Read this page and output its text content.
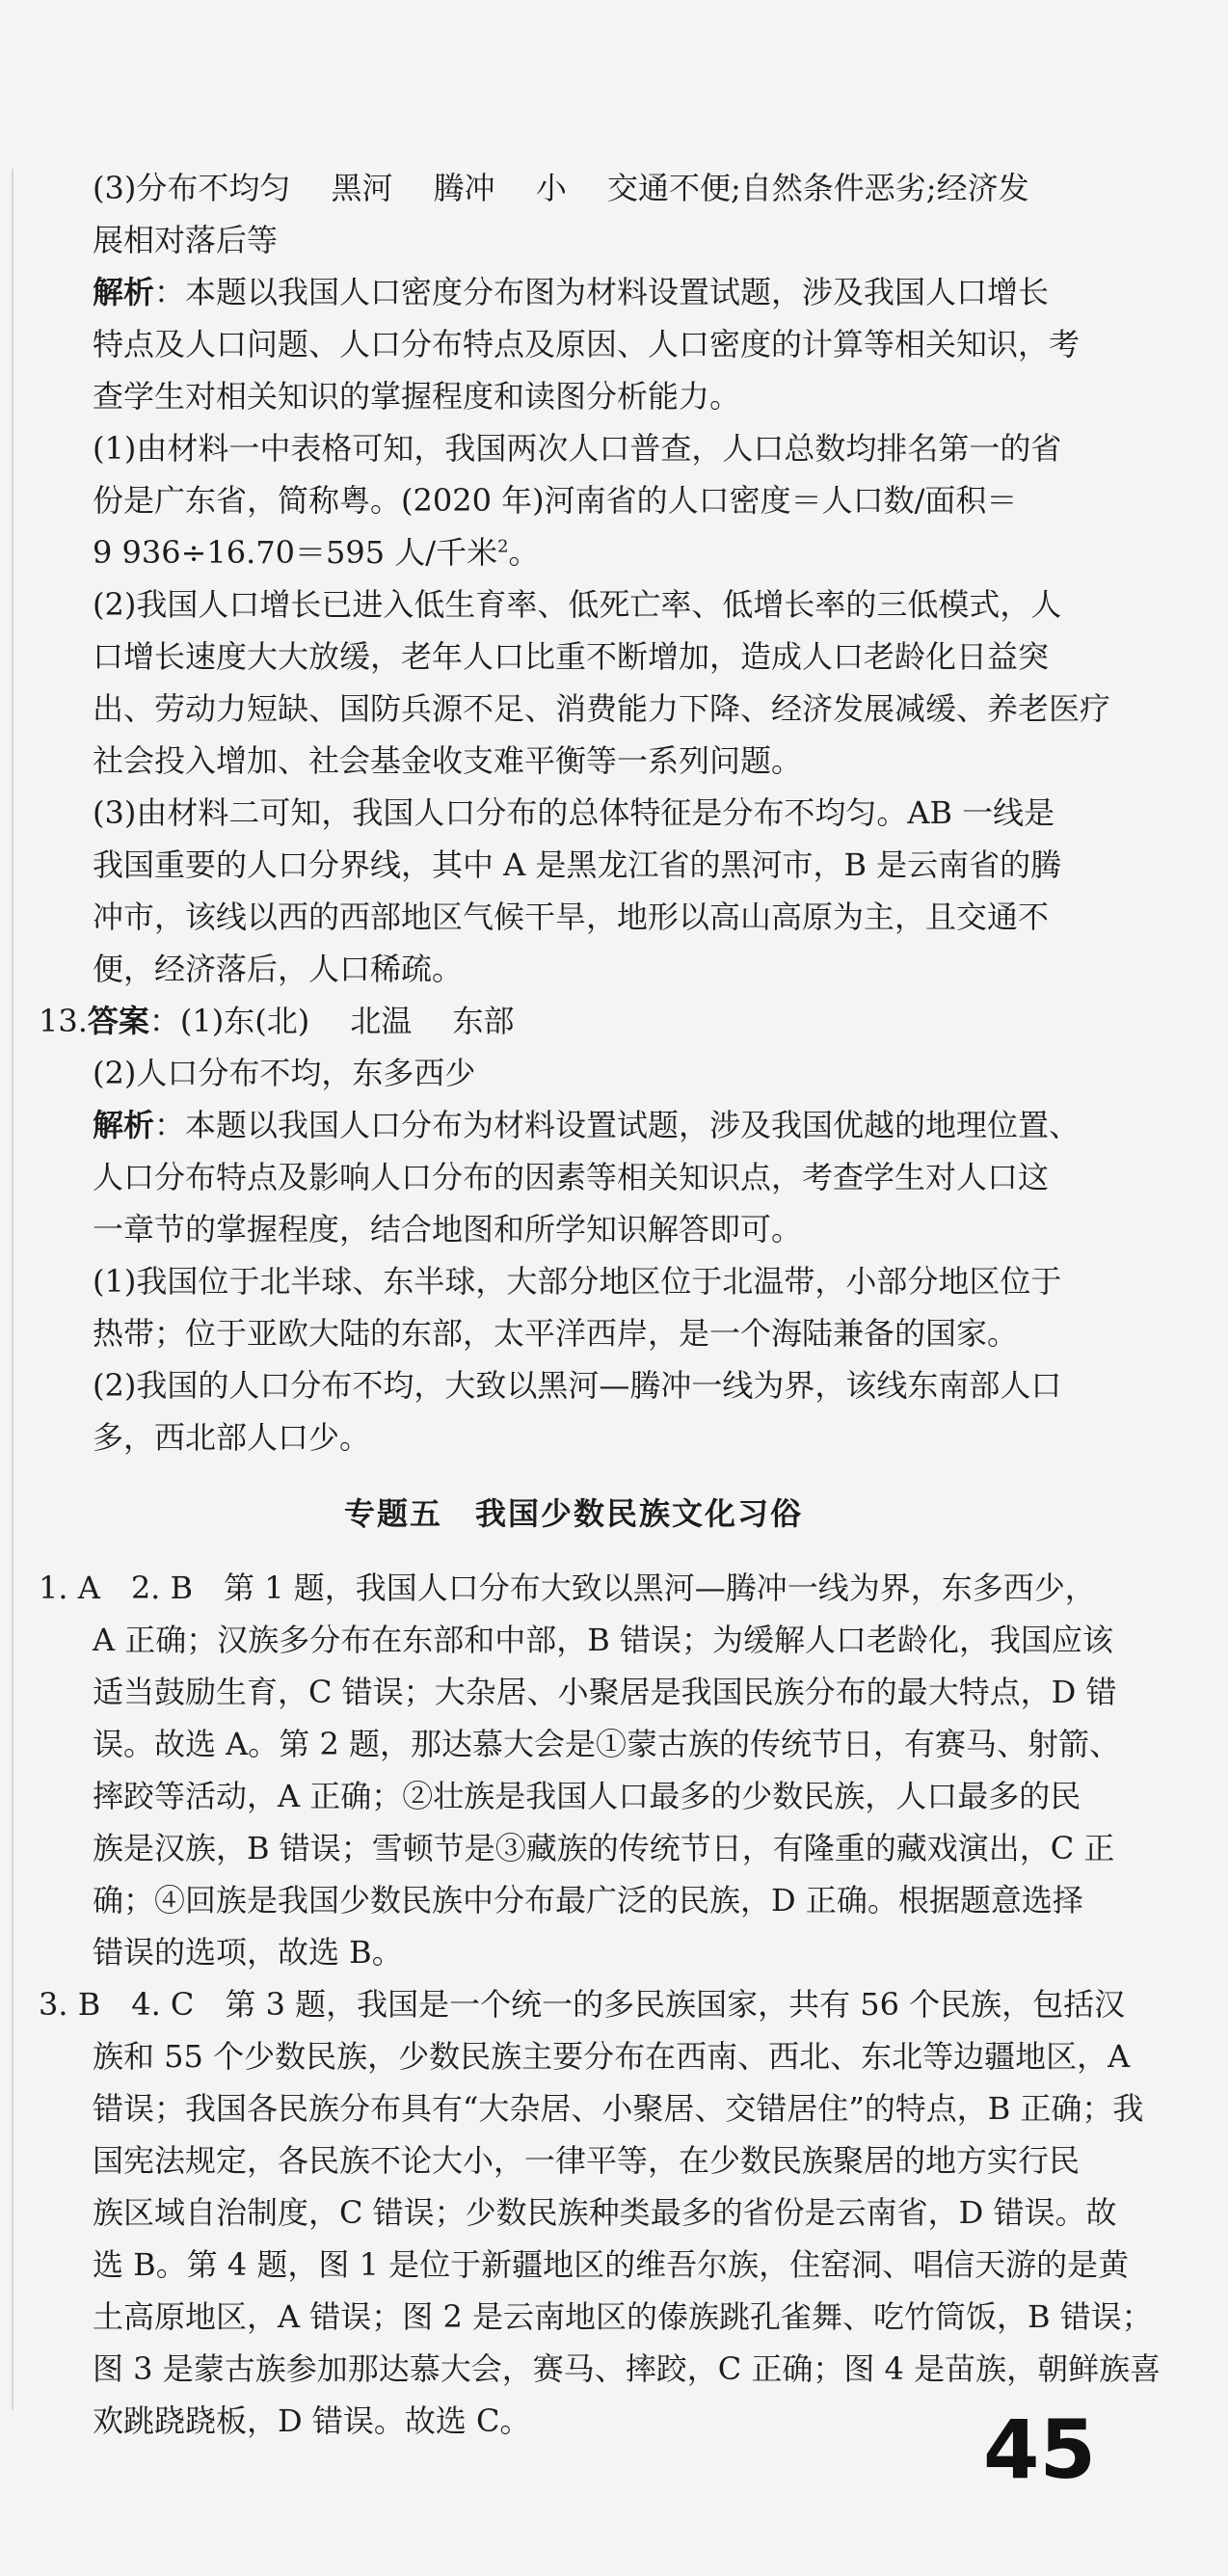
(3)分布不均匀　 黑河　 腾冲　 小　 交通不便;自然条件恶劣;经济发
展相对落后等
解析：本题以我国人口密度分布图为材料设置试题，涉及我国人口增长
特点及人口问题、人口分布特点及原因、人口密度的计算等相关知识，考
查学生对相关知识的掌握程度和读图分析能力。
(1)由材料一中表格可知，我国两次人口普查，人口总数均排名第一的省
份是广东省，简称粤。(2020 年)河南省的人口密度＝人口数/面积＝
9 936÷16.70＝595 人/千米$^2$。
(2)我国人口增长已进入低生育率、低死亡率、低增长率的三低模式，人
口增长速度大大放缓，老年人口比重不断增加，造成人口老龄化日益突
出、劳动力短缺、国防兵源不足、消费能力下降、经济发展减缓、养老医疗
社会投入增加、社会基金收支难平衡等一系列问题。
(3)由材料二可知，我国人口分布的总体特征是分布不均匀。AB 一线是
我国重要的人口分界线，其中 A 是黑龙江省的黑河市，B 是云南省的腾
冲市，该线以西的西部地区气候干旱，地形以高山高原为主，且交通不
便，经济落后，人口稀疏。
13.答案：(1)东(北)　 北温　 东部
(2)人口分布不均，东多西少
解析：本题以我国人口分布为材料设置试题，涉及我国优越的地理位置、
人口分布特点及影响人口分布的因素等相关知识点，考查学生对人口这
一章节的掌握程度，结合地图和所学知识解答即可。
(1)我国位于北半球、东半球，大部分地区位于北温带，小部分地区位于
热带；位于亚欧大陆的东部，太平洋西岸，是一个海陆兼备的国家。
(2)我国的人口分布不均，大致以黑河—腾冲一线为界，该线东南部人口
多，西北部人口少。
专题五　我国少数民族文化习俗
1. A　2. B　第 1 题，我国人口分布大致以黑河—腾冲一线为界，东多西少，
A 正确；汉族多分布在东部和中部，B 错误；为缓解人口老龄化，我国应该
适当鼓励生育，C 错误；大杂居、小聚居是我国民族分布的最大特点，D 错
误。故选 A。第 2 题，那达慕大会是①蒙古族的传统节日，有赛马、射箭、
摔跤等活动，A 正确；②壮族是我国人口最多的少数民族，人口最多的民
族是汉族，B 错误；雪顿节是③藏族的传统节日，有隆重的藏戏演出，C 正
确；④回族是我国少数民族中分布最广泛的民族，D 正确。根据题意选择
错误的选项，故选 B。
3. B　4. C　第 3 题，我国是一个统一的多民族国家，共有 56 个民族，包括汉
族和 55 个少数民族，少数民族主要分布在西南、西北、东北等边疆地区，A
错误；我国各民族分布具有“大杂居、小聚居、交错居住”的特点，B 正确；我
国宪法规定，各民族不论大小，一律平等，在少数民族聚居的地方实行民
族区域自治制度，C 错误；少数民族种类最多的省份是云南省，D 错误。故
选 B。第 4 题，图 1 是位于新疆地区的维吾尔族，住窑洞、唱信天游的是黄
土高原地区，A 错误；图 2 是云南地区的傣族跳孔雀舞、吃竹筒饭，B 错误；
图 3 是蒙古族参加那达慕大会，赛马、摔跤，C 正确；图 4 是苗族，朝鲜族喜
欢跳跷跷板，D 错误。故选 C。	45
